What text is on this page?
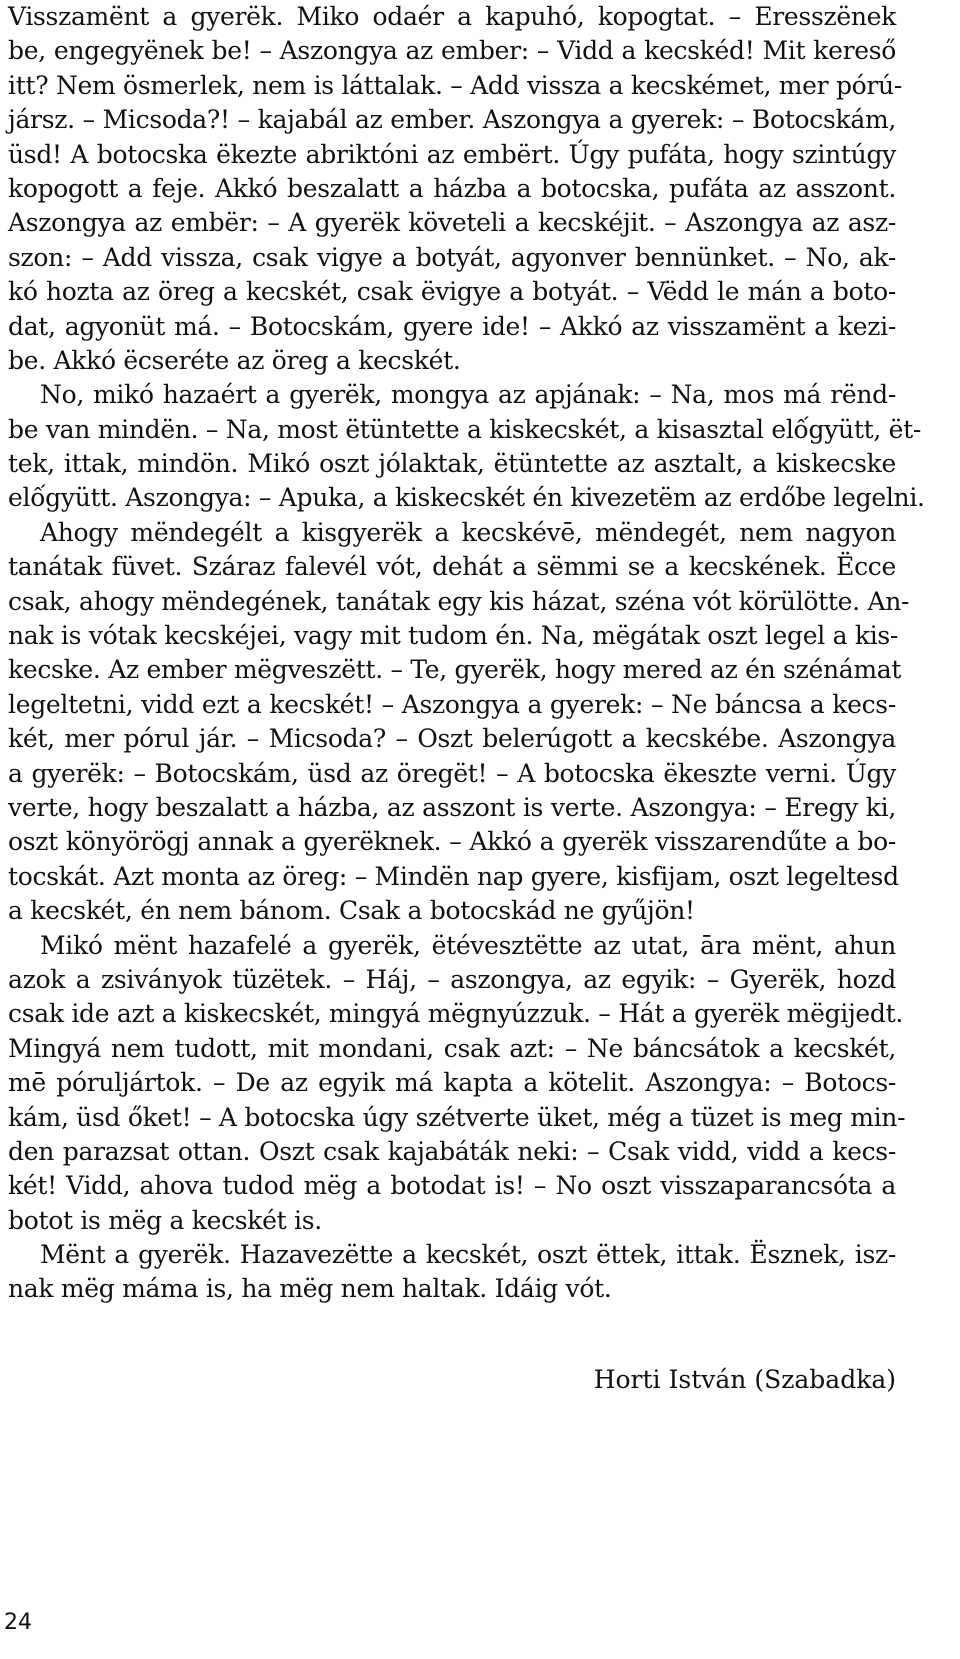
Visszamënt a gyerëk. Miko odaér a kapuhó, kopogtat. – Eresszënek
be, engegyënek be! – Aszongya az ember: – Vidd a kecskéd! Mit kereső
itt? Nem ösmerlek, nem is láttalak. – Add vissza a kecskémet, mer pórú-
jársz. – Micsoda?! – kajabál az ember. Aszongya a gyerek: – Botocskám,
üsd! A botocska ëkezte abriktóni az embërt. Úgy pufáta, hogy szintúgy
kopogott a feje. Akkó beszalatt a házba a botocska, pufáta az asszont.
Aszongya az embër: – A gyerëk követeli a kecskéjit. – Aszongya az asz-
szon: – Add vissza, csak vigye a botyát, agyonver bennünket. – No, ak-
kó hozta az öreg a kecskét, csak ëvigye a botyát. – Vëdd le mán a boto-
dat, agyonüt má. – Botocskám, gyere ide! – Akkó az visszamënt a kezi-
be. Akkó ëcseréte az öreg a kecskét.
No, mikó hazaért a gyerëk, mongya az apjának: – Na, mos má rënd-
be van mindën. – Na, most ëtüntette a kiskecskét, a kisasztal elốgyütt, ët-
tek, ittak, mindön. Mikó oszt jólaktak, ëtüntette az asztalt, a kiskecske
elốgyütt. Aszongya: – Apuka, a kiskecskét én kivezetëm az erdőbe legelni.
Ahogy mëndegélt a kisgyerëk a kecskévē, mëndegét, nem nagyon
tanátak füvet. Száraz falevél vót, dehát a sëmmi se a kecskének. Ëcce
csak, ahogy mëndegének, tanátak egy kis házat, széna vót körülötte. An-
nak is vótak kecskéjei, vagy mit tudom én. Na, mëgátak oszt legel a kis-
kecske. Az ember mëgveszëtt. – Te, gyerëk, hogy mered az én szénámat
legeltetni, vidd ezt a kecskét! – Aszongya a gyerek: – Ne báncsa a kecs-
két, mer pórul jár. – Micsoda? – Oszt belerúgott a kecskébe. Aszongya
a gyerëk: – Botocskám, üsd az öregët! – A botocska ëkeszte verni. Úgy
verte, hogy beszalatt a házba, az asszont is verte. Aszongya: – Eregy ki,
oszt könyörögj annak a gyerëknek. – Akkó a gyerëk visszarendűte a bo-
tocskát. Azt monta az öreg: – Mindën nap gyere, kisfijam, oszt legeltesd
a kecskét, én nem bánom. Csak a botocskád ne gyűjön!
Mikó mënt hazafelé a gyerëk, ëtévesztëtte az utat, āra mënt, ahun
azok a zsiványok tüzëtek. – Háj, – aszongya, az egyik: – Gyerëk, hozd
csak ide azt a kiskecskét, mingyá mëgnyúzzuk. – Hát a gyerëk mëgijedt.
Mingyá nem tudott, mit mondani, csak azt: – Ne báncsátok a kecskét,
mē póruljártok. – De az egyik má kapta a kötelit. Aszongya: – Botocs-
kám, üsd őket! – A botocska úgy szétverte üket, még a tüzet is meg min-
den parazsat ottan. Oszt csak kajabáták neki: – Csak vidd, vidd a kecs-
két! Vidd, ahova tudod mëg a botodat is! – No oszt visszaparancsóta a
botot is mëg a kecskét is.
Mënt a gyerëk. Hazavezëtte a kecskét, oszt ëttek, ittak. Ësznek, isz-
nak mëg máma is, ha mëg nem haltak. Idáig vót.
Horti István (Szabadka)
24
